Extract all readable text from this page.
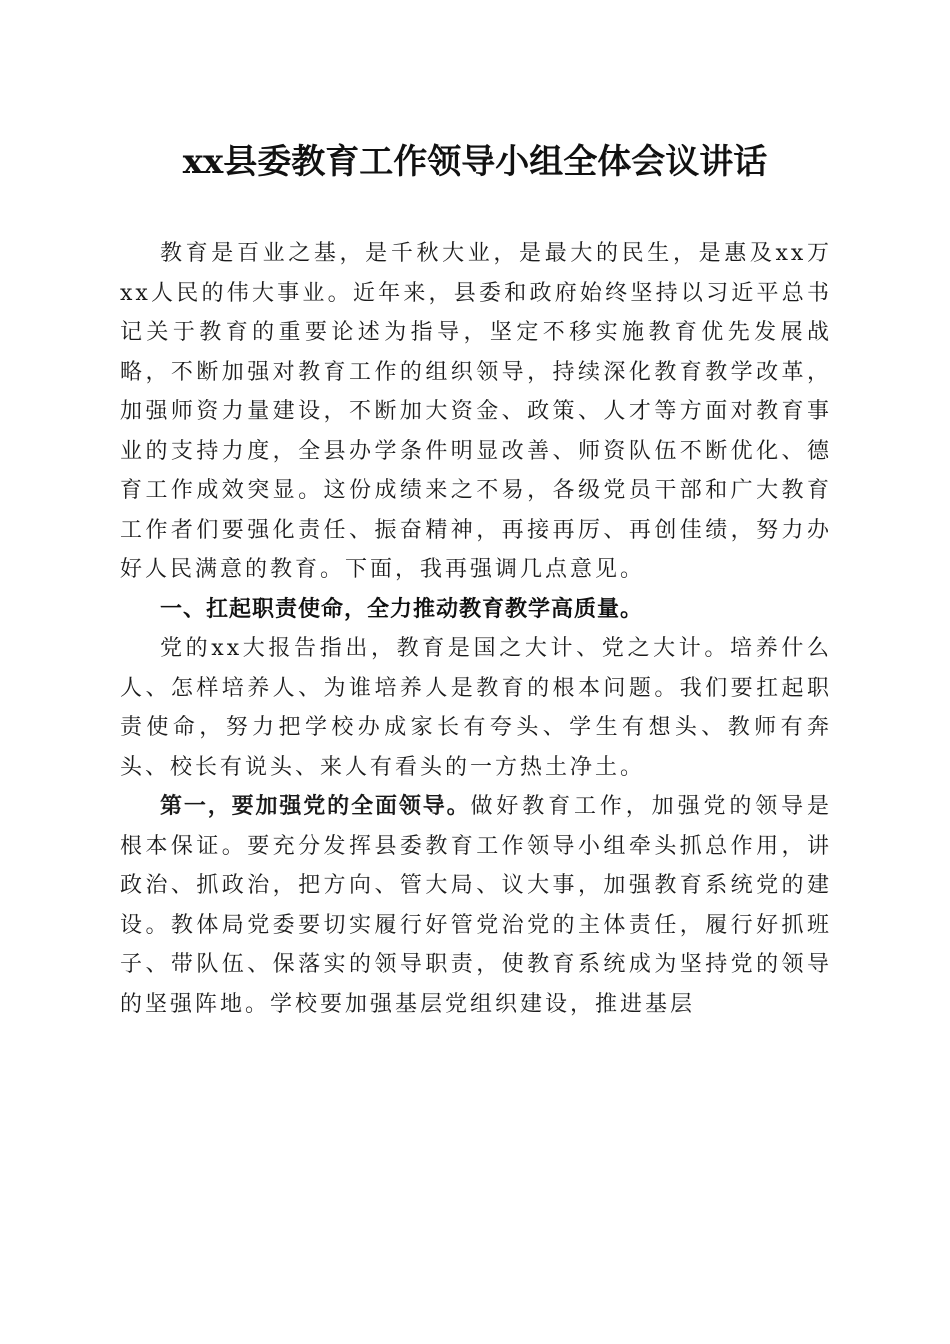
xx县委教育工作领导小组全体会议讲话

教育是百业之基，是千秋大业，是最大的民生，是惠及xx万xx人民的伟大事业。近年来，县委和政府始终坚持以习近平总书记关于教育的重要论述为指导，坚定不移实施教育优先发展战略，不断加强对教育工作的组织领导，持续深化教育教学改革，加强师资力量建设，不断加大资金、政策、人才等方面对教育事业的支持力度，全县办学条件明显改善、师资队伍不断优化、德育工作成效突显。这份成绩来之不易，各级党员干部和广大教育工作者们要强化责任、振奋精神，再接再厉、再创佳绩，努力办好人民满意的教育。下面，我再强调几点意见。

一、扛起职责使命，全力推动教育教学高质量。

党的xx大报告指出，教育是国之大计、党之大计。培养什么人、怎样培养人、为谁培养人是教育的根本问题。我们要扛起职责使命，努力把学校办成家长有夸头、学生有想头、教师有奔头、校长有说头、来人有看头的一方热土净土。

第一，要加强党的全面领导。做好教育工作，加强党的领导是根本保证。要充分发挥县委教育工作领导小组牵头抓总作用，讲政治、抓政治，把方向、管大局、议大事，加强教育系统党的建设。教体局党委要切实履行好管党治党的主体责任，履行好抓班子、带队伍、保落实的领导职责，使教育系统成为坚持党的领导的坚强阵地。学校要加强基层党组织建设，推进基层
